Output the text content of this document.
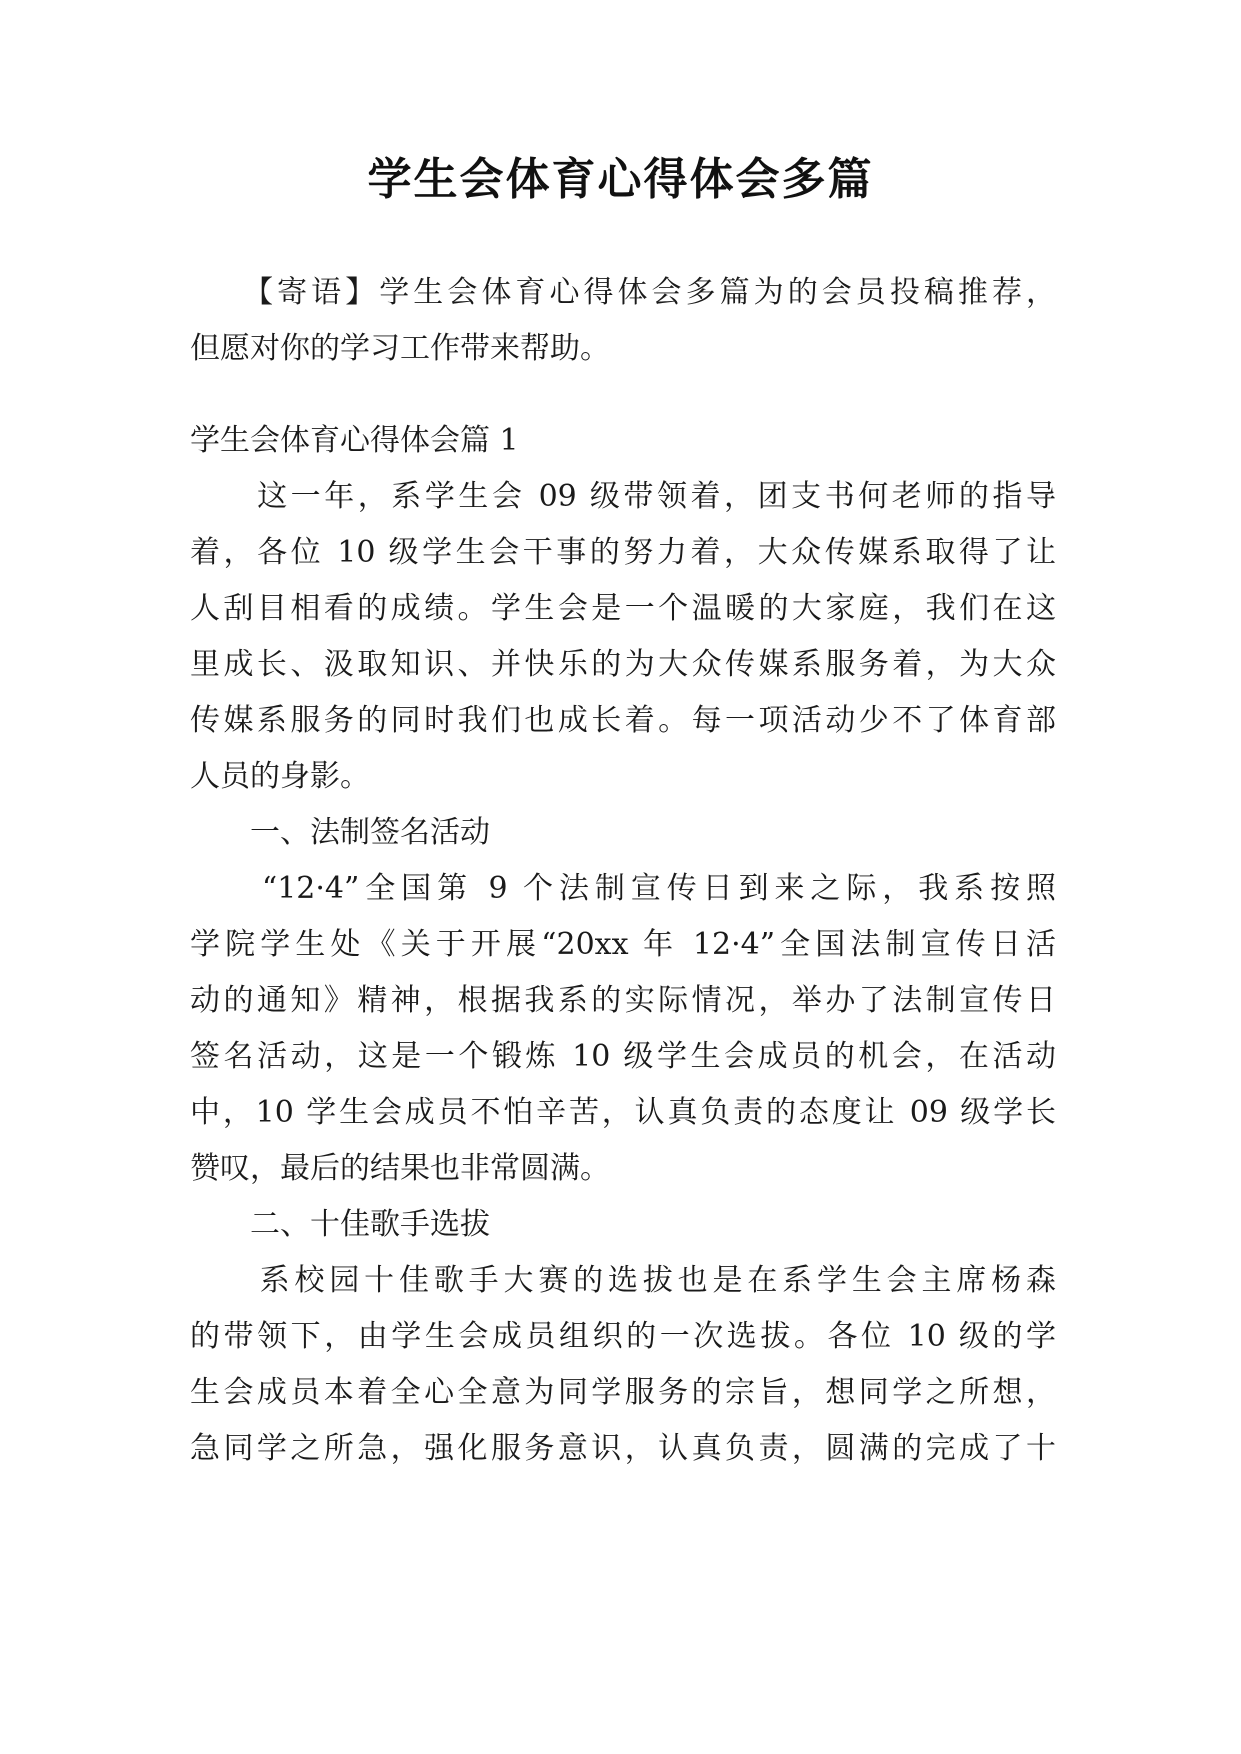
学生会体育心得体会多篇
　　【寄语】学生会体育心得体会多篇为的会员投稿推荐，
但愿对你的学习工作带来帮助。
学生会体育心得体会篇 1
　　这一年，系学生会 09 级带领着，团支书何老师的指导
着，各位 10 级学生会干事的努力着，大众传媒系取得了让
人刮目相看的成绩。学生会是一个温暖的大家庭，我们在这
里成长、汲取知识、并快乐的为大众传媒系服务着，为大众
传媒系服务的同时我们也成长着。每一项活动少不了体育部
人员的身影。
　　一、法制签名活动
　　“12·4”全国第 9 个法制宣传日到来之际，我系按照
学院学生处《关于开展“20xx 年 12·4”全国法制宣传日活
动的通知》精神，根据我系的实际情况，举办了法制宣传日
签名活动，这是一个锻炼 10 级学生会成员的机会，在活动
中，10 学生会成员不怕辛苦，认真负责的态度让 09 级学长
赞叹，最后的结果也非常圆满。
　　二、十佳歌手选拔
　　系校园十佳歌手大赛的选拔也是在系学生会主席杨森
的带领下，由学生会成员组织的一次选拔。各位 10 级的学
生会成员本着全心全意为同学服务的宗旨，想同学之所想，
急同学之所急，强化服务意识，认真负责，圆满的完成了十
